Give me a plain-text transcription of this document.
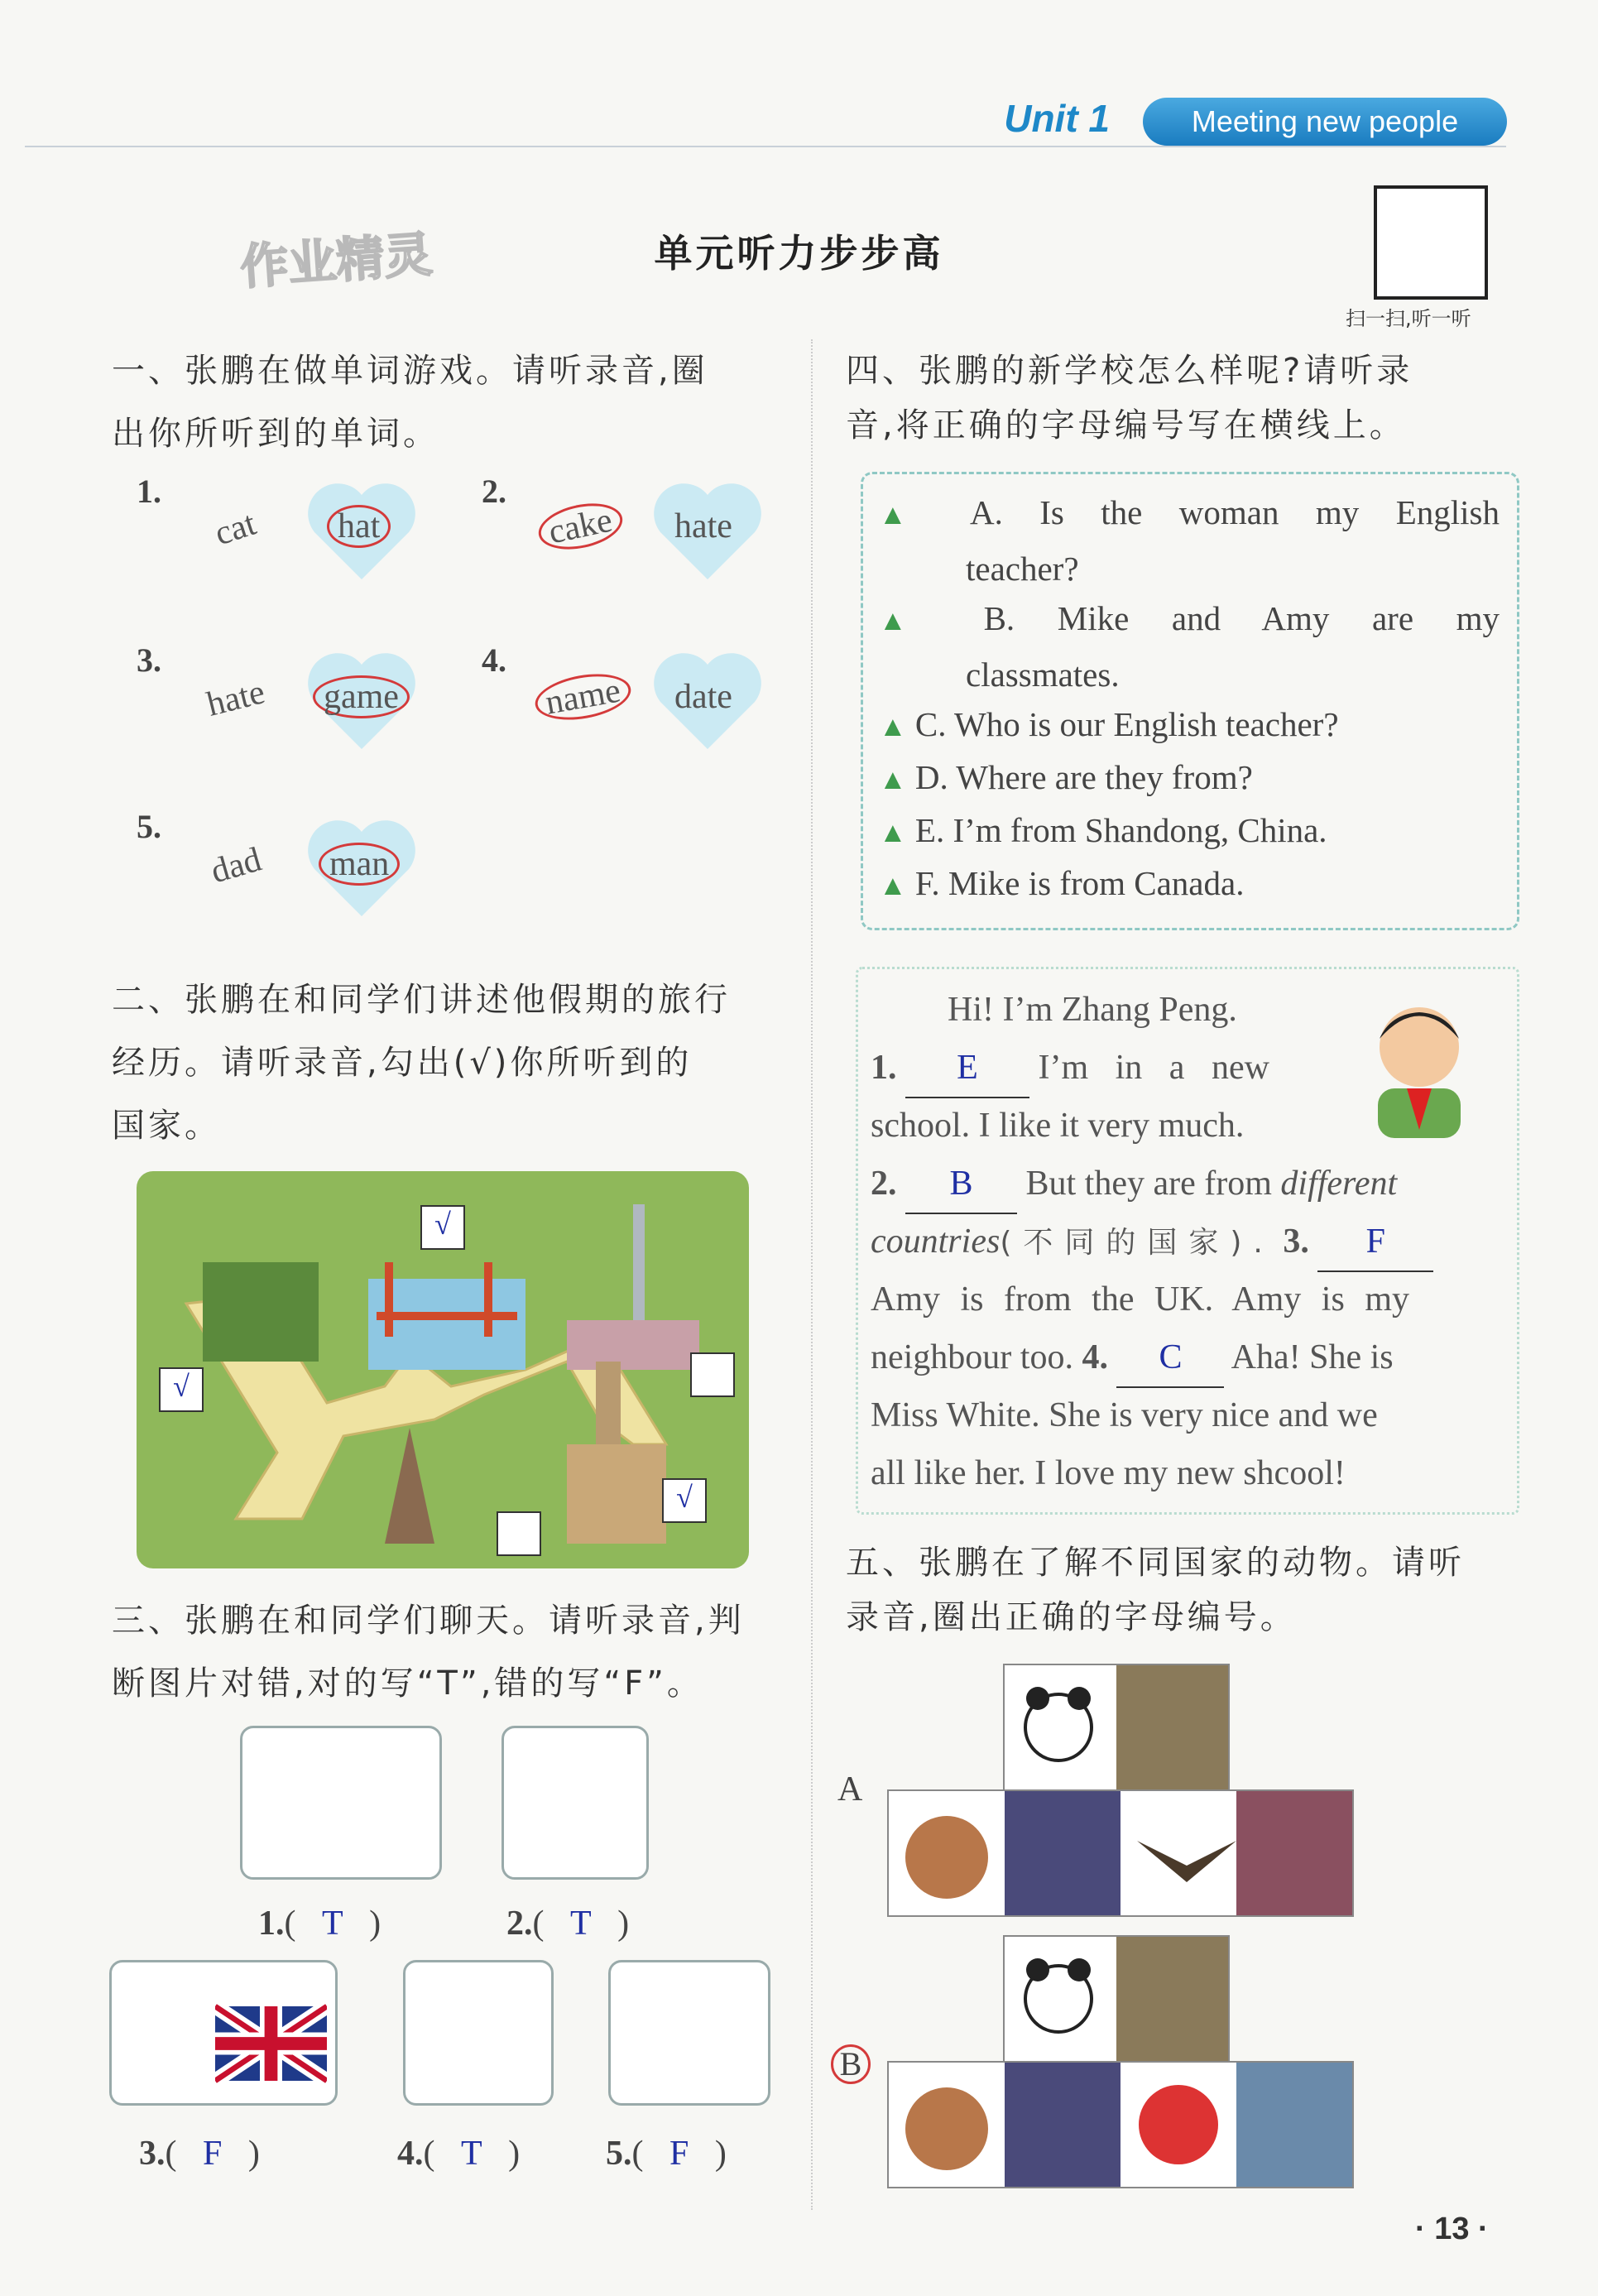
Unit 1	Meeting new people
单元听力步步高
作业精灵
扫一扫,听一听
一、张鹏在做单词游戏。请听录音,圈
出你所听到的单词。
1.
cat	hat
2.
cake	hate
3.
hate	game
4.
name	date
5.
dad	man
二、张鹏在和同学们讲述他假期的旅行
经历。请听录音,勾出(√)你所听到的
国家。
√
√
√
三、张鹏在和同学们聊天。请听录音,判
断图片对错,对的写“T”,错的写“F”。
1.(   T   )	2.(   T   )
3.(   F   )	4.(   T   ) 5.(   F   )
四、张鹏的新学校怎么样呢?请听录
音,将正确的字母编号写在横线上。
▲ A. Is the woman my English
teacher?
▲ B. Mike and Amy are my
classmates.
▲ C. Who is our English teacher?
▲ D. Where are they from?
▲ E. I’m from Shandong, China.
▲ F. Mike is from Canada.
Hi! I’m Zhang Peng.
1. E I’m in a new
school. I like it very much.
2. B But they are from different
countries(不同的国家). 3. F
Amy is from the UK. Amy is my
neighbour too. 4. C Aha! She is
Miss White. She is very nice and we
all like her. I love my new shcool!
五、张鹏在了解不同国家的动物。请听
录音,圈出正确的字母编号。
A
B
· 13 ·
